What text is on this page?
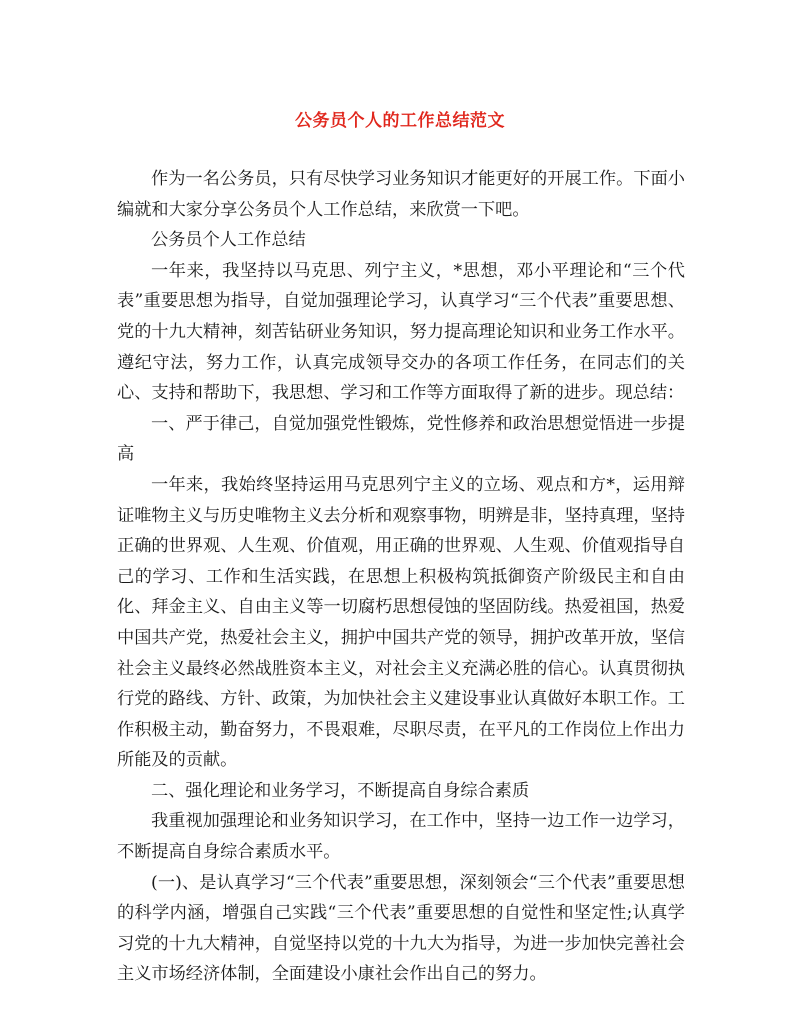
公务员个人的工作总结范文

作为一名公务员，只有尽快学习业务知识才能更好的开展工作。下面小编就和大家分享公务员个人工作总结，来欣赏一下吧。

公务员个人工作总结

一年来，我坚持以马克思、列宁主义，*思想，邓小平理论和“三个代表”重要思想为指导，自觉加强理论学习，认真学习“三个代表”重要思想、党的十九大精神，刻苦钻研业务知识，努力提高理论知识和业务工作水平。遵纪守法，努力工作，认真完成领导交办的各项工作任务，在同志们的关心、支持和帮助下，我思想、学习和工作等方面取得了新的进步。现总结：

一、严于律己，自觉加强党性锻炼，党性修养和政治思想觉悟进一步提高

一年来，我始终坚持运用马克思列宁主义的立场、观点和方*，运用辩证唯物主义与历史唯物主义去分析和观察事物，明辨是非，坚持真理，坚持正确的世界观、人生观、价值观，用正确的世界观、人生观、价值观指导自己的学习、工作和生活实践，在思想上积极构筑抵御资产阶级民主和自由化、拜金主义、自由主义等一切腐朽思想侵蚀的坚固防线。热爱祖国，热爱中国共产党，热爱社会主义，拥护中国共产党的领导，拥护改革开放，坚信社会主义最终必然战胜资本主义，对社会主义充满必胜的信心。认真贯彻执行党的路线、方针、政策，为加快社会主义建设事业认真做好本职工作。工作积极主动，勤奋努力，不畏艰难，尽职尽责，在平凡的工作岗位上作出力所能及的贡献。

二、强化理论和业务学习，不断提高自身综合素质

我重视加强理论和业务知识学习，在工作中，坚持一边工作一边学习，不断提高自身综合素质水平。

(一)、是认真学习“三个代表”重要思想，深刻领会“三个代表”重要思想的科学内涵，增强自己实践“三个代表”重要思想的自觉性和坚定性;认真学习党的十九大精神，自觉坚持以党的十九大为指导，为进一步加快完善社会主义市场经济体制，全面建设小康社会作出自己的努力。
